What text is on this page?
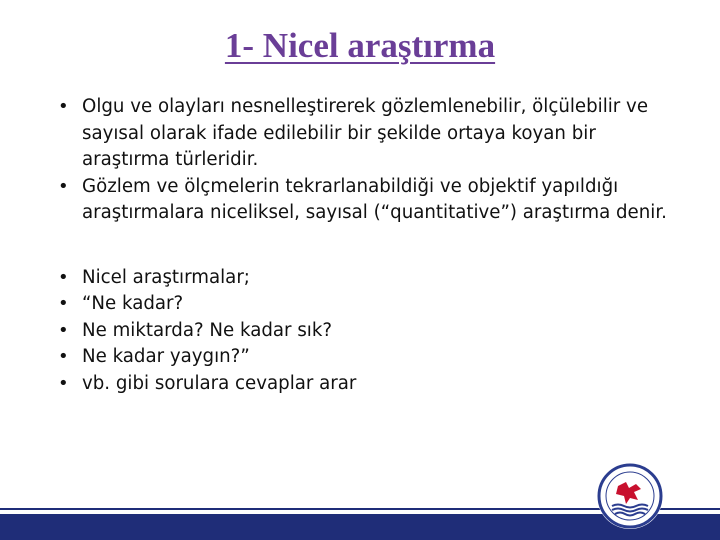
1- Nicel araştırma
• Olgu ve olayları nesnelleştirerek gözlemlenebilir, ölçülebilir ve sayısal olarak ifade edilebilir bir şekilde ortaya koyan bir araştırma türleridir.
• Gözlem ve ölçmelerin tekrarlanabildiği ve objektif yapıldığı araştırmalara niceliksel, sayısal (“quantitative”) araştırma denir.
• Nicel araştırmalar;
• “Ne kadar?
• Ne miktarda? Ne kadar sık?
• Ne kadar yaygın?”
• vb. gibi sorulara cevaplar arar
